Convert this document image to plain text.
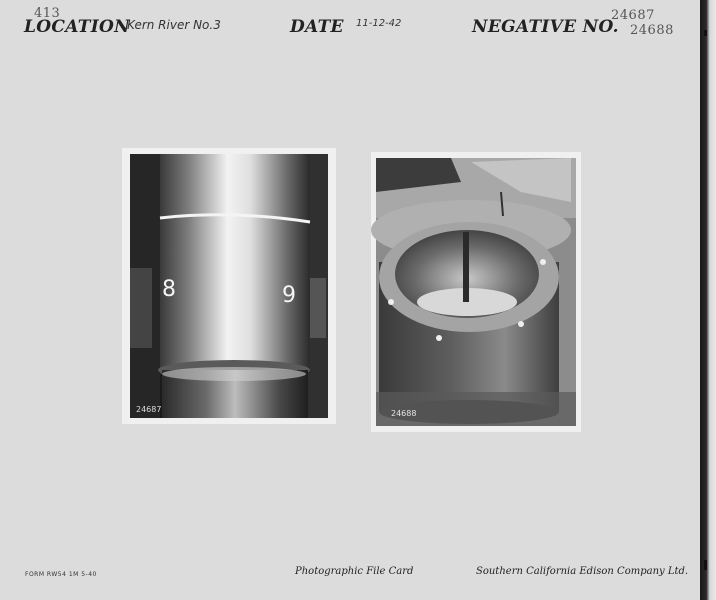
413
LOCATION
Kern River No.3	DATE 11-12-42	NEGATIVE NO.
24687
24688
8	9
24687	24688
FORM RW54 1M 5-40	Photographic File Card	Southern California Edison Company Ltd.
